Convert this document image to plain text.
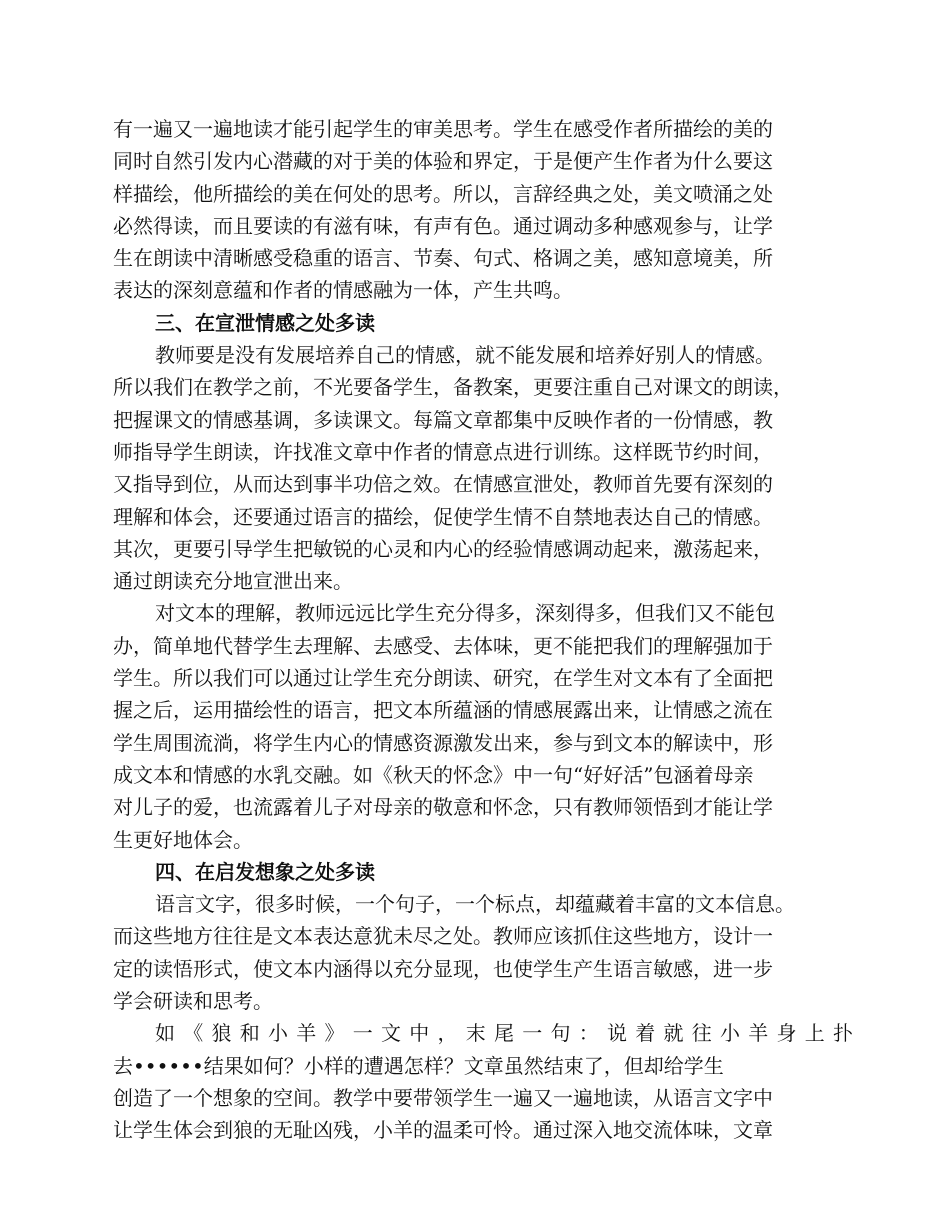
有一遍又一遍地读才能引起学生的审美思考。学生在感受作者所描绘的美的
同时自然引发内心潜藏的对于美的体验和界定，于是便产生作者为什么要这
样描绘，他所描绘的美在何处的思考。所以，言辞经典之处，美文喷涌之处
必然得读，而且要读的有滋有味，有声有色。通过调动多种感观参与，让学
生在朗读中清晰感受稳重的语言、节奏、句式、格调之美，感知意境美，所
表达的深刻意蕴和作者的情感融为一体，产生共鸣。
三、在宣泄情感之处多读
教师要是没有发展培养自己的情感，就不能发展和培养好别人的情感。
所以我们在教学之前，不光要备学生，备教案，更要注重自己对课文的朗读，
把握课文的情感基调，多读课文。每篇文章都集中反映作者的一份情感，教
师指导学生朗读，许找准文章中作者的情意点进行训练。这样既节约时间，
又指导到位，从而达到事半功倍之效。在情感宣泄处，教师首先要有深刻的
理解和体会，还要通过语言的描绘，促使学生情不自禁地表达自己的情感。
其次，更要引导学生把敏锐的心灵和内心的经验情感调动起来，激荡起来，
通过朗读充分地宣泄出来。
对文本的理解，教师远远比学生充分得多，深刻得多，但我们又不能包
办，简单地代替学生去理解、去感受、去体味，更不能把我们的理解强加于
学生。所以我们可以通过让学生充分朗读、研究，在学生对文本有了全面把
握之后，运用描绘性的语言，把文本所蕴涵的情感展露出来，让情感之流在
学生周围流淌，将学生内心的情感资源激发出来，参与到文本的解读中，形
成文本和情感的水乳交融。如《秋天的怀念》中一句“好好活”包涵着母亲
对儿子的爱，也流露着儿子对母亲的敬意和怀念，只有教师领悟到才能让学
生更好地体会。
四、在启发想象之处多读
语言文字，很多时候，一个句子，一个标点，却蕴藏着丰富的文本信息。
而这些地方往往是文本表达意犹未尽之处。教师应该抓住这些地方，设计一
定的读悟形式，使文本内涵得以充分显现，也使学生产生语言敏感，进一步
学会研读和思考。
如《狼和小羊》一文中，末尾一句：说着就往小羊身上扑
去••••••结果如何？小样的遭遇怎样？文章虽然结束了，但却给学生
创造了一个想象的空间。教学中要带领学生一遍又一遍地读，从语言文字中
让学生体会到狼的无耻凶残，小羊的温柔可怜。通过深入地交流体味，文章
